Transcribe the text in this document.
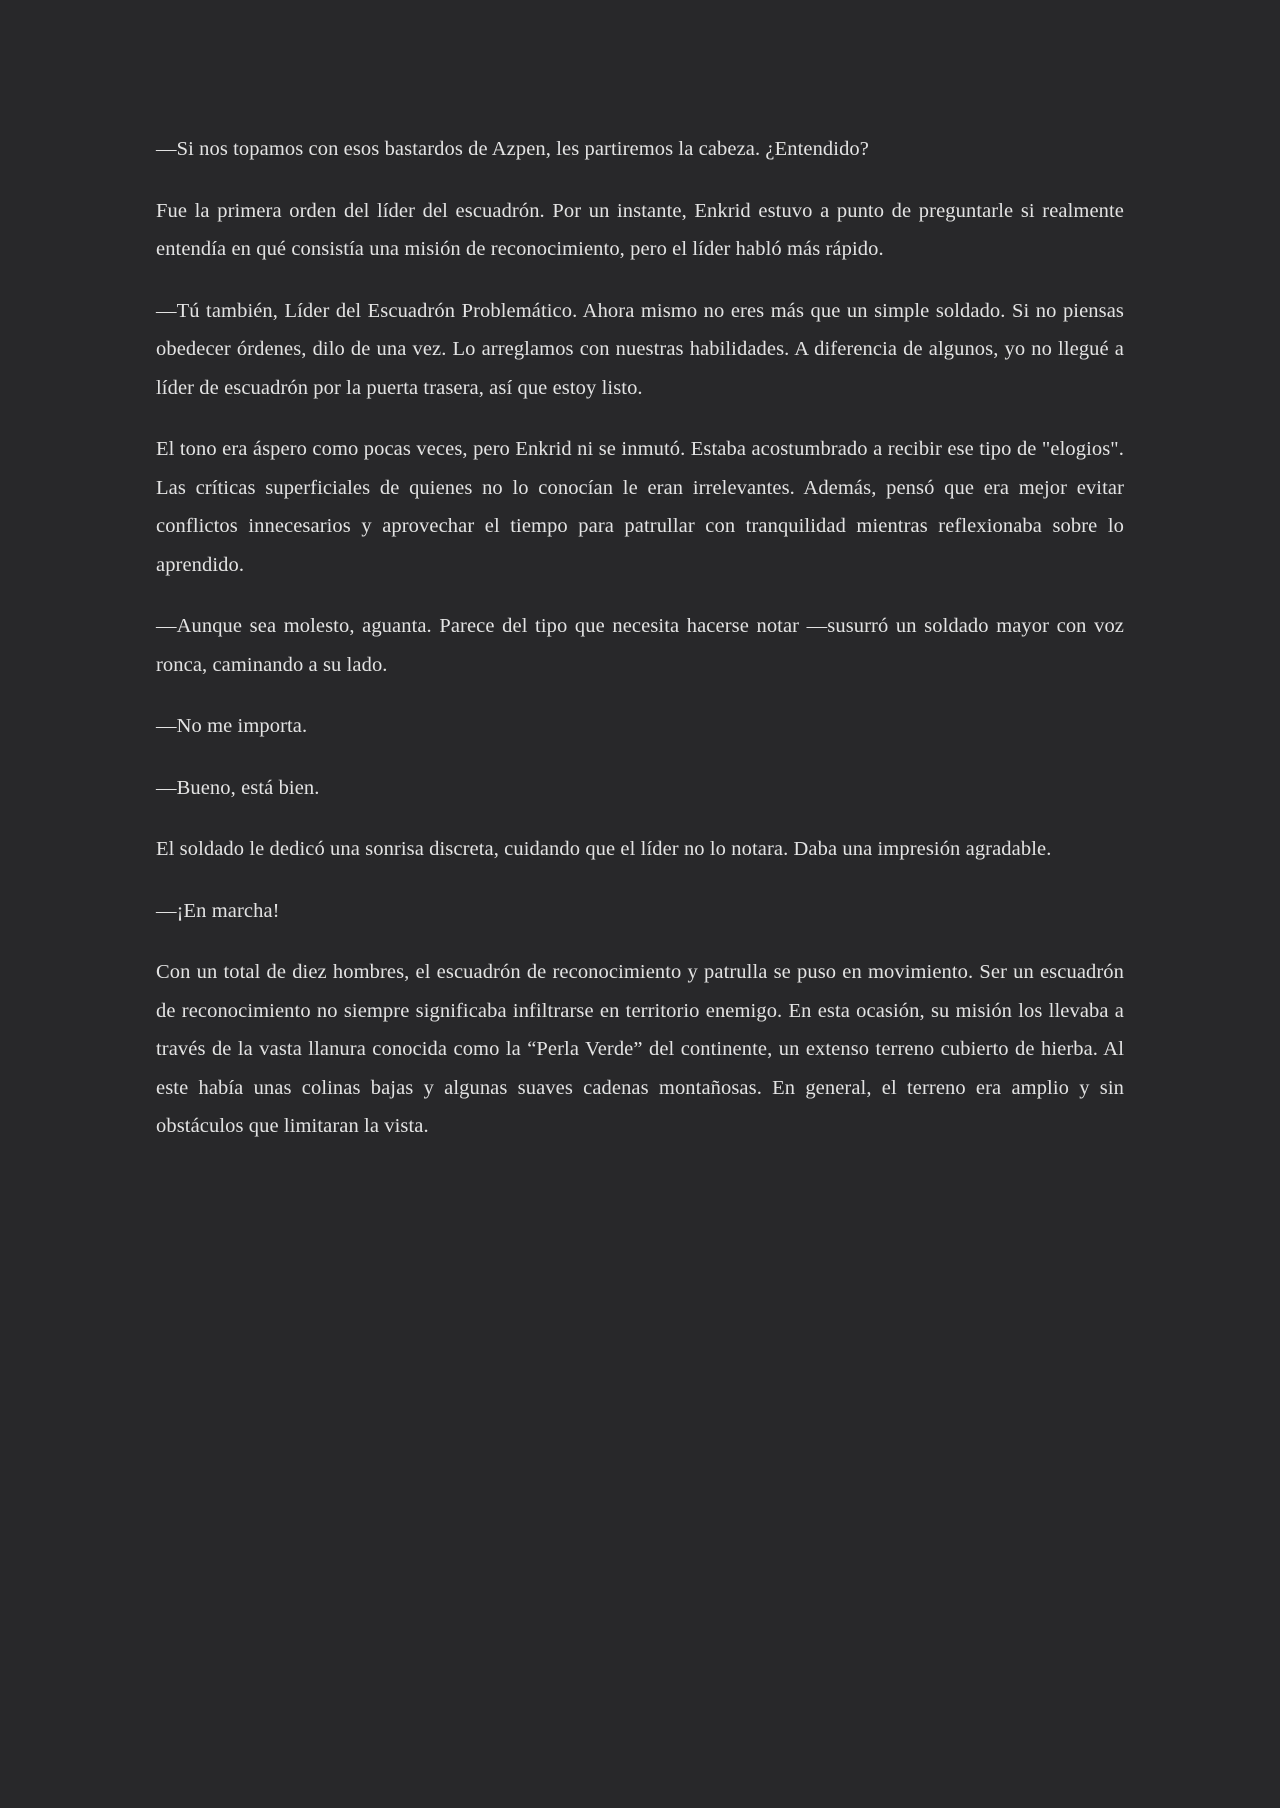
—Si nos topamos con esos bastardos de Azpen, les partiremos la cabeza. ¿Entendido?

Fue la primera orden del líder del escuadrón. Por un instante, Enkrid estuvo a punto de preguntarle si realmente entendía en qué consistía una misión de reconocimiento, pero el líder habló más rápido.

—Tú también, Líder del Escuadrón Problemático. Ahora mismo no eres más que un simple soldado. Si no piensas obedecer órdenes, dilo de una vez. Lo arreglamos con nuestras habilidades. A diferencia de algunos, yo no llegué a líder de escuadrón por la puerta trasera, así que estoy listo.

El tono era áspero como pocas veces, pero Enkrid ni se inmutó. Estaba acostumbrado a recibir ese tipo de "elogios". Las críticas superficiales de quienes no lo conocían le eran irrelevantes. Además, pensó que era mejor evitar conflictos innecesarios y aprovechar el tiempo para patrullar con tranquilidad mientras reflexionaba sobre lo aprendido.

—Aunque sea molesto, aguanta. Parece del tipo que necesita hacerse notar —susurró un soldado mayor con voz ronca, caminando a su lado.

—No me importa.

—Bueno, está bien.

El soldado le dedicó una sonrisa discreta, cuidando que el líder no lo notara. Daba una impresión agradable.

—¡En marcha!

Con un total de diez hombres, el escuadrón de reconocimiento y patrulla se puso en movimiento. Ser un escuadrón de reconocimiento no siempre significaba infiltrarse en territorio enemigo. En esta ocasión, su misión los llevaba a través de la vasta llanura conocida como la “Perla Verde” del continente, un extenso terreno cubierto de hierba. Al este había unas colinas bajas y algunas suaves cadenas montañosas. En general, el terreno era amplio y sin obstáculos que limitaran la vista.
